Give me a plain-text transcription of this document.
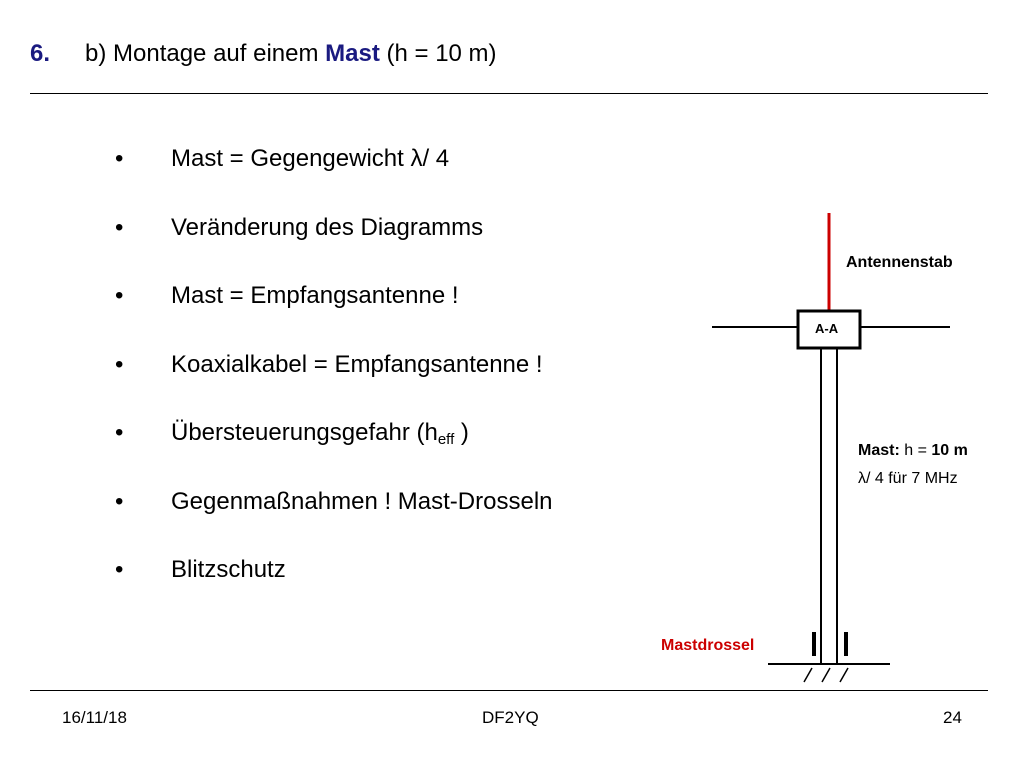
6. b) Montage auf einem Mast (h = 10 m)
•	Mast = Gegengewicht λ/ 4
•	Veränderung des Diagramms
•	Mast = Empfangsantenne !
•	Koaxialkabel = Empfangsantenne !
•	Übersteuerungsgefahr ($h_{eff}$ )
•	Gegenmaßnahmen ! Mast-Drosseln
•	Blitzschutz
Antennenstab
A-A
Mast: h = 10 m
λ/ 4 für 7 MHz
Mastdrossel
16/11/18	DF2YQ	24
